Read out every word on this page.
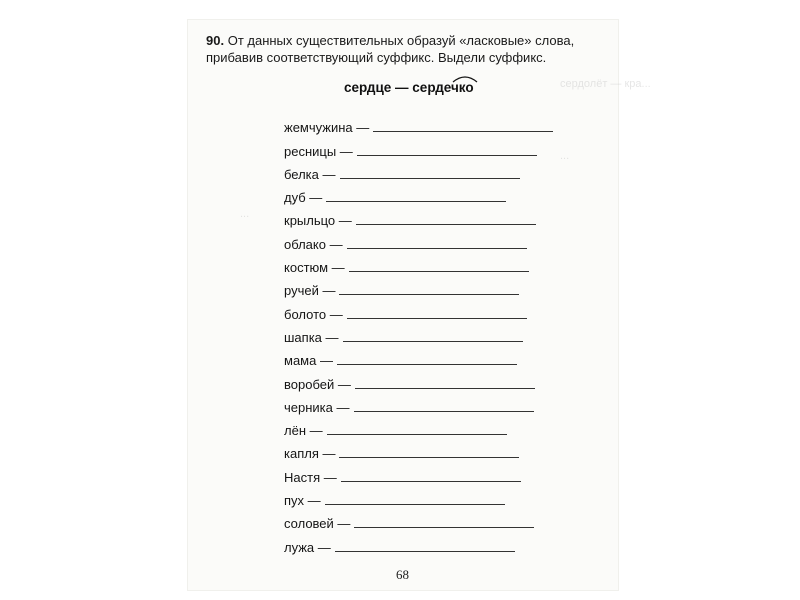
сердолёт — кра...
...
...
90. От данных существительных образуй «ласковые» слова, прибавив соответствующий суффикс. Выдели суффикс.
сердце — сердечко
жемчужина —
ресницы —
белка —
дуб —
крыльцо —
облако —
костюм —
ручей —
болото —
шапка —
мама —
воробей —
черника —
лён —
капля —
Настя —
пух —
соловей —
лужа —
68
